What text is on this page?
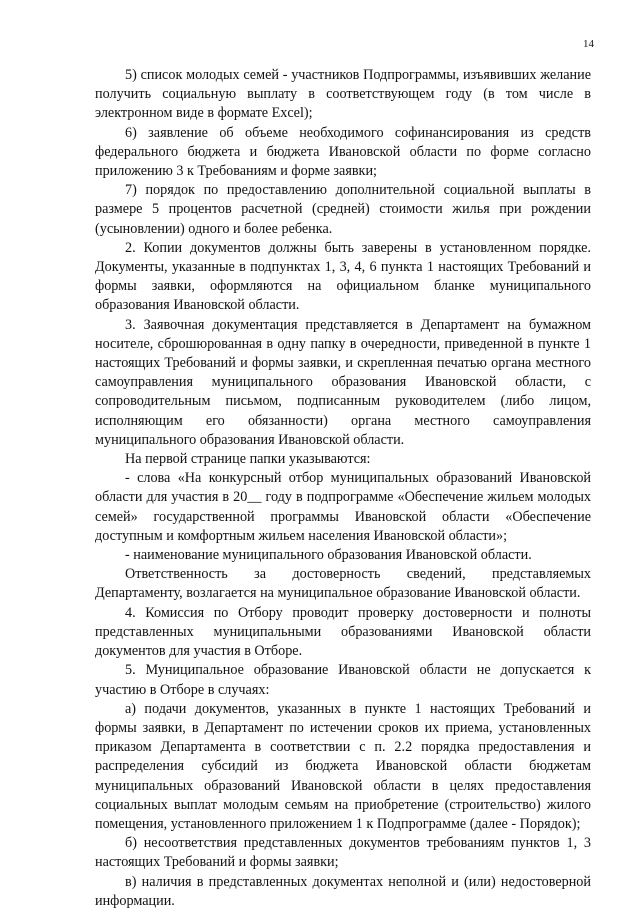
14

5) список молодых семей - участников Подпрограммы, изъявивших желание получить социальную выплату в соответствующем году (в том числе в электронном виде в формате Excel);

6) заявление об объеме необходимого софинансирования из средств федерального бюджета и бюджета Ивановской области по форме согласно приложению 3 к Требованиям и форме заявки;

7) порядок по предоставлению дополнительной социальной выплаты в размере 5 процентов расчетной (средней) стоимости жилья при рождении (усыновлении) одного и более ребенка.

2. Копии документов должны быть заверены в установленном порядке. Документы, указанные в подпунктах 1, 3, 4, 6 пункта 1 настоящих Требований и формы заявки, оформляются на официальном бланке муниципального образования Ивановской области.

3. Заявочная документация представляется в Департамент на бумажном носителе, сброшюрованная в одну папку в очередности, приведенной в пункте 1 настоящих Требований и формы заявки, и скрепленная печатью органа местного самоуправления муниципального образования Ивановской области, с сопроводительным письмом, подписанным руководителем (либо лицом, исполняющим его обязанности) органа местного самоуправления муниципального образования Ивановской области.

На первой странице папки указываются:

- слова «На конкурсный отбор муниципальных образований Ивановской области для участия в 20__ году в подпрограмме «Обеспечение жильем молодых семей» государственной программы Ивановской области «Обеспечение доступным и комфортным жильем населения Ивановской области»;

- наименование муниципального образования Ивановской области.

Ответственность за достоверность сведений, представляемых Департаменту, возлагается на муниципальное образование Ивановской области.

4. Комиссия по Отбору проводит проверку достоверности и полноты представленных муниципальными образованиями Ивановской области документов для участия в Отборе.

5. Муниципальное образование Ивановской области не допускается к участию в Отборе в случаях:

а) подачи документов, указанных в пункте 1 настоящих Требований и формы заявки, в Департамент по истечении сроков их приема, установленных приказом Департамента в соответствии с п. 2.2 порядка предоставления и распределения субсидий из бюджета Ивановской области бюджетам муниципальных образований Ивановской области в целях предоставления социальных выплат молодым семьям на приобретение (строительство) жилого помещения, установленного приложением 1 к Подпрограмме (далее - Порядок);

б) несоответствия представленных документов требованиям пунктов 1, 3 настоящих Требований и формы заявки;

в) наличия в представленных документах неполной и (или) недостоверной информации.
